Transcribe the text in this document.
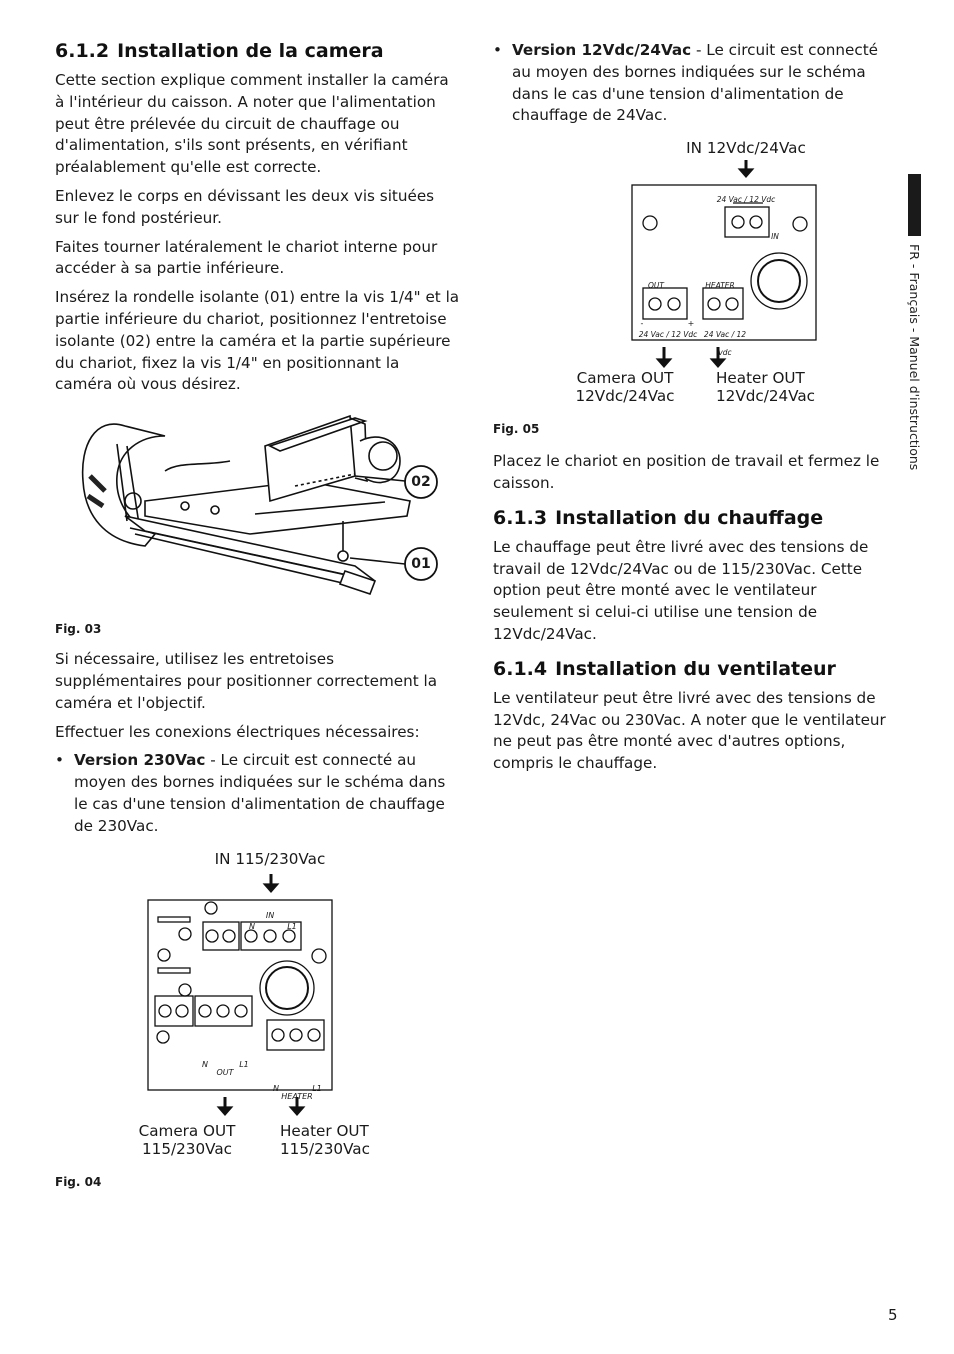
6.1.2 Installation de la camera

Cette section explique comment installer la caméra à l'intérieur du caisson. A noter que l'alimentation peut être prélevée du circuit de chauffage ou d'alimentation, s'ils sont présents, en vérifiant préalablement qu'elle est correcte.

Enlevez le corps en dévissant les deux vis situées sur le fond postérieur.

Faites tourner latéralement le chariot interne pour accéder à sa partie inférieure.

Insérez la rondelle isolante (01) entre la vis 1/4" et la partie inférieure du chariot, positionnez l'entretoise isolante (02) entre la caméra et la partie supérieure du chariot, fixez la vis 1/4" en positionnant la caméra où vous désirez.

02
01
Fig. 03

Si nécessaire, utilisez les entretoises supplémentaires pour positionner correctement la caméra et l'objectif.

Effectuer les conexions électriques nécessaires:

• Version 230Vac - Le circuit est connecté au moyen des bornes indiquées sur le schéma dans le cas d'une tension d'alimentation de chauffage de 230Vac.
IN 115/230Vac
IN
N	L1
N
OUT
L1
N
HEATER
L1
Camera OUT
115/230Vac
Heater OUT
115/230Vac
Fig. 04
• Version 12Vdc/24Vac - Le circuit est connecté au moyen des bornes indiquées sur le schéma dans le cas d'une tension d'alimentation de chauffage de 24Vac.
IN 12Vdc/24Vac
24 Vac / 12 Vdc
IN
OUT	HEATER
-	+
24 Vac / 12 Vdc 24 Vac / 12 vdc
Camera OUT
12Vdc/24Vac
Heater OUT
12Vdc/24Vac
Fig. 05

Placez le chariot en position de travail et fermez le caisson.

6.1.3 Installation du chauffage

Le chauffage peut être livré avec des tensions de travail de 12Vdc/24Vac ou de 115/230Vac. Cette option peut être monté avec le ventilateur seulement si celui-ci utilise une tension de 12Vdc/24Vac.

6.1.4 Installation du ventilateur

Le ventilateur peut être livré avec des tensions de 12Vdc, 24Vac ou 230Vac. A noter que le ventilateur ne peut pas être monté avec d'autres options, compris le chauffage.

FR - Français - Manuel d'instructions
5
